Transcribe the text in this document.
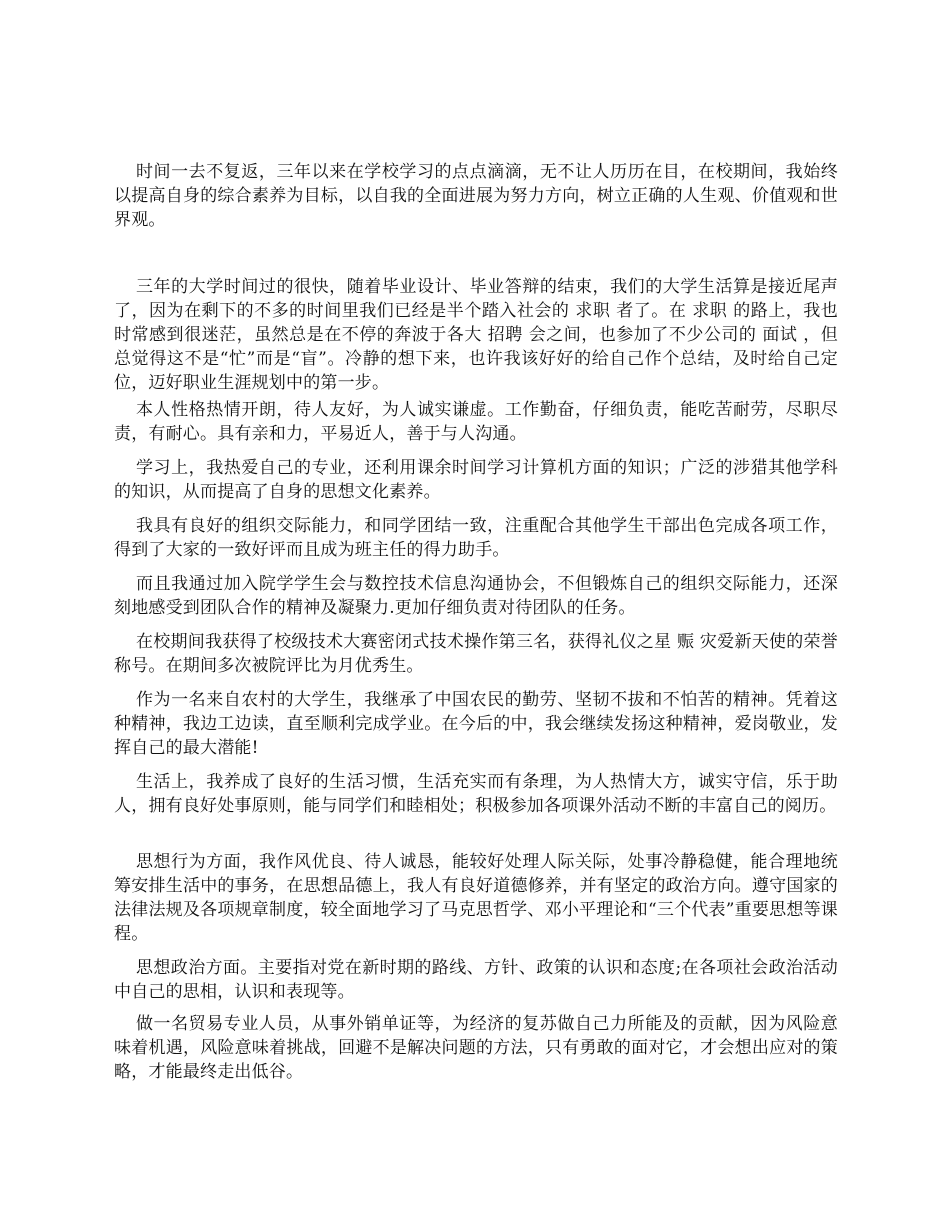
时间一去不复返，三年以来在学校学习的点点滴滴，无不让人历历在目，在校期间，我始终以提高自身的综合素养为目标，以自我的全面进展为努力方向，树立正确的人生观、价值观和世界观。

三年的大学时间过的很快，随着毕业设计、毕业答辩的结束，我们的大学生活算是接近尾声了，因为在剩下的不多的时间里我们已经是半个踏入社会的 求职 者了。在 求职 的路上，我也时常感到很迷茫，虽然总是在不停的奔波于各大 招聘 会之间，也参加了不少公司的 面试 ，但总觉得这不是“忙”而是“盲”。冷静的想下来，也许我该好好的给自己作个总结，及时给自己定位，迈好职业生涯规划中的第一步。

本人性格热情开朗，待人友好，为人诚实谦虚。工作勤奋，仔细负责，能吃苦耐劳，尽职尽责，有耐心。具有亲和力，平易近人，善于与人沟通。

学习上，我热爱自己的专业，还利用课余时间学习计算机方面的知识；广泛的涉猎其他学科的知识，从而提高了自身的思想文化素养。

我具有良好的组织交际能力，和同学团结一致，注重配合其他学生干部出色完成各项工作，得到了大家的一致好评而且成为班主任的得力助手。

而且我通过加入院学学生会与数控技术信息沟通协会，不但锻炼自己的组织交际能力，还深刻地感受到团队合作的精神及凝聚力.更加仔细负责对待团队的任务。

在校期间我获得了校级技术大赛密闭式技术操作第三名，获得礼仪之星 赈 灾爱新天使的荣誉称号。在期间多次被院评比为月优秀生。

作为一名来自农村的大学生，我继承了中国农民的勤劳、坚韧不拔和不怕苦的精神。凭着这种精神，我边工边读，直至顺利完成学业。在今后的中，我会继续发扬这种精神，爱岗敬业，发挥自己的最大潜能!

生活上，我养成了良好的生活习惯，生活充实而有条理，为人热情大方，诚实守信，乐于助人，拥有良好处事原则，能与同学们和睦相处；积极参加各项课外活动不断的丰富自己的阅历。

思想行为方面，我作风优良、待人诚恳，能较好处理人际关际，处事冷静稳健，能合理地统筹安排生活中的事务，在思想品德上，我人有良好道德修养，并有坚定的政治方向。遵守国家的法律法规及各项规章制度，较全面地学习了马克思哲学、邓小平理论和“三个代表”重要思想等课程。

思想政治方面。主要指对党在新时期的路线、方针、政策的认识和态度;在各项社会政治活动中自己的思相，认识和表现等。

做一名贸易专业人员，从事外销单证等，为经济的复苏做自己力所能及的贡献，因为风险意味着机遇，风险意味着挑战，回避不是解决问题的方法，只有勇敢的面对它，才会想出应对的策略，才能最终走出低谷。
